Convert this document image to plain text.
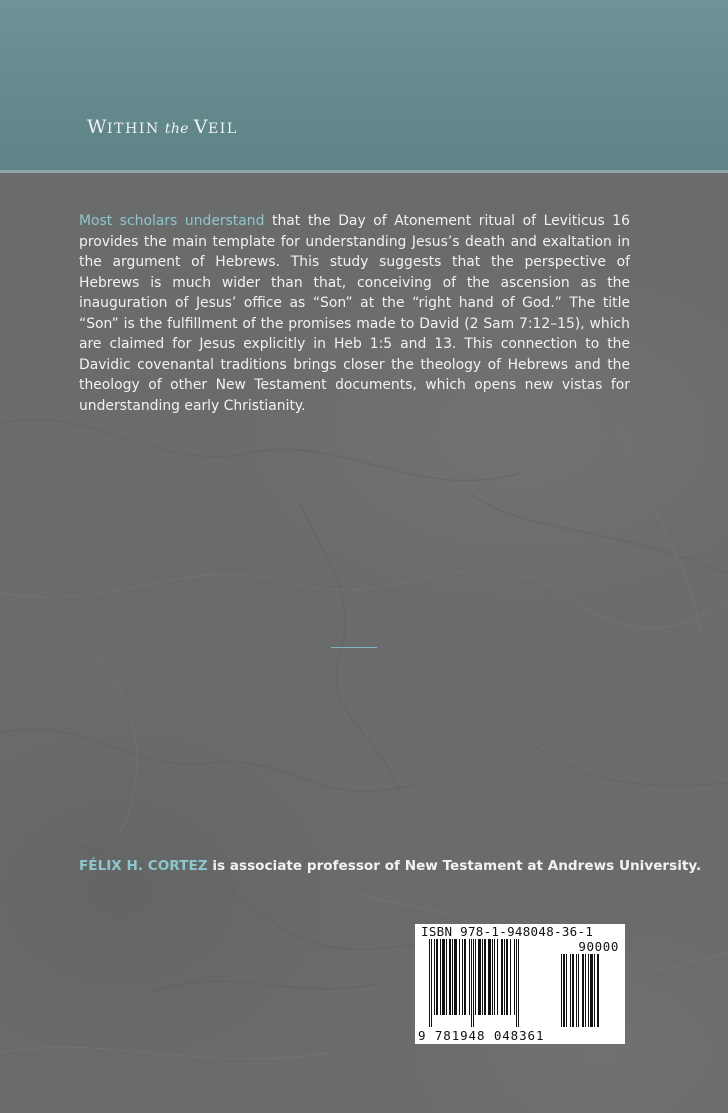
WITHIN the VEIL

Most scholars understand that the Day of Atonement ritual of Leviticus 16 provides the main template for understanding Jesus’s death and exaltation in the argument of Hebrews. This study suggests that the perspective of Hebrews is much wider than that, conceiving of the ascension as the inauguration of Jesus’ office as “Son” at the “right hand of God.” The title “Son” is the fulfillment of the promises made to David (2 Sam 7:12–15), which are claimed for Jesus explicitly in Heb 1:5 and 13. This connection to the Davidic covenantal traditions brings closer the theology of Hebrews and the theology of other New Testament documents, which opens new vistas for understanding early Christianity.

FÉLIX H. CORTEZ is associate professor of New Testament at Andrews University.

ISBN 978-1-948048-36-1
90000
9 781948 048361
